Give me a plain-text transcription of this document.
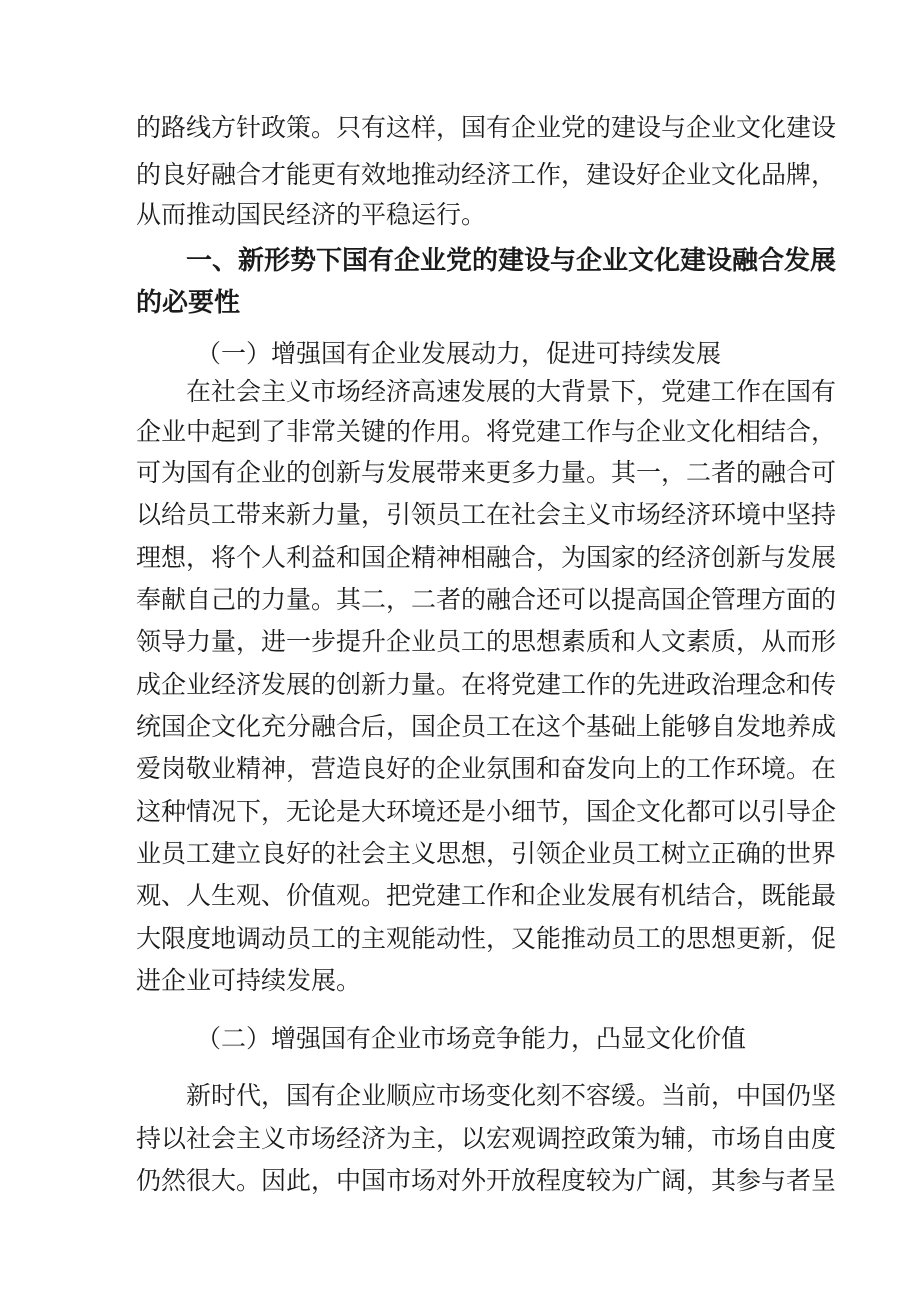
的路线方针政策。只有这样，国有企业党的建设与企业文化建设
的良好融合才能更有效地推动经济工作，建设好企业文化品牌，
从而推动国民经济的平稳运行。
一、新形势下国有企业党的建设与企业文化建设融合发展
的必要性
（一）增强国有企业发展动力，促进可持续发展
在社会主义市场经济高速发展的大背景下，党建工作在国有
企业中起到了非常关键的作用。将党建工作与企业文化相结合，
可为国有企业的创新与发展带来更多力量。其一，二者的融合可
以给员工带来新力量，引领员工在社会主义市场经济环境中坚持
理想，将个人利益和国企精神相融合，为国家的经济创新与发展
奉献自己的力量。其二，二者的融合还可以提高国企管理方面的
领导力量，进一步提升企业员工的思想素质和人文素质，从而形
成企业经济发展的创新力量。在将党建工作的先进政治理念和传
统国企文化充分融合后，国企员工在这个基础上能够自发地养成
爱岗敬业精神，营造良好的企业氛围和奋发向上的工作环境。在
这种情况下，无论是大环境还是小细节，国企文化都可以引导企
业员工建立良好的社会主义思想，引领企业员工树立正确的世界
观、人生观、价值观。把党建工作和企业发展有机结合，既能最
大限度地调动员工的主观能动性，又能推动员工的思想更新，促
进企业可持续发展。
（二）增强国有企业市场竞争能力，凸显文化价值
新时代，国有企业顺应市场变化刻不容缓。当前，中国仍坚
持以社会主义市场经济为主，以宏观调控政策为辅，市场自由度
仍然很大。因此，中国市场对外开放程度较为广阔，其参与者呈
